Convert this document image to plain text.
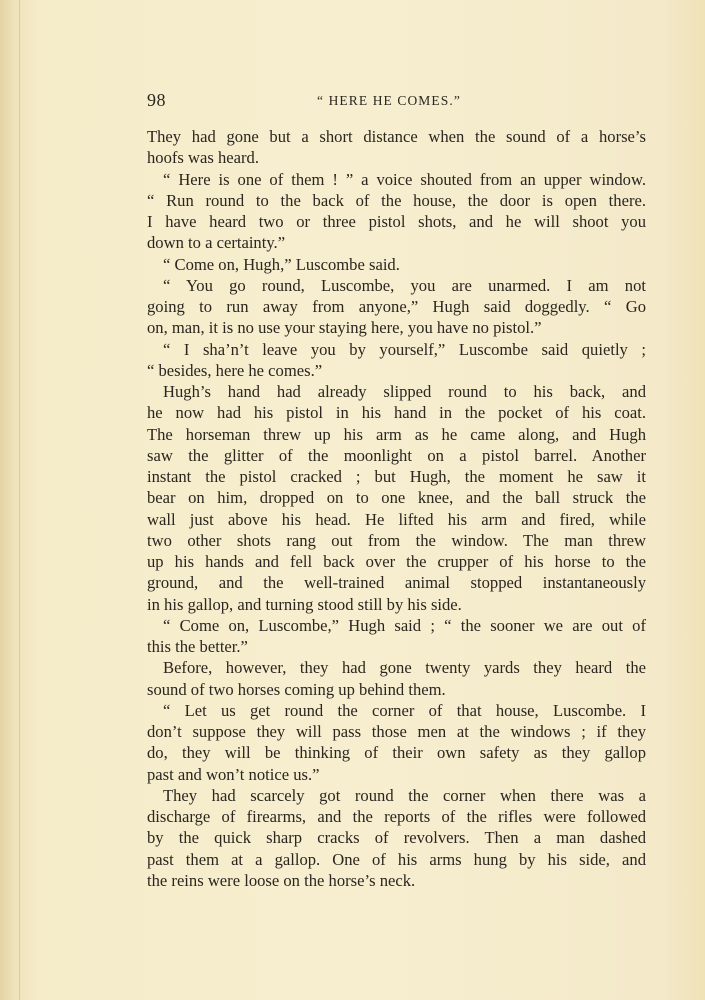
98	“ HERE HE COMES.”
They had gone but a short distance when the sound of a horse’s
hoofs was heard.
“ Here is one of them ! ” a voice shouted from an upper window.
“ Run round to the back of the house, the door is open there.
I have heard two or three pistol shots, and he will shoot you
down to a certainty.”
“ Come on, Hugh,” Luscombe said.
“ You go round, Luscombe, you are unarmed. I am not
going to run away from anyone,” Hugh said doggedly. “ Go
on, man, it is no use your staying here, you have no pistol.”
“ I sha’n’t leave you by yourself,” Luscombe said quietly ;
“ besides, here he comes.”
Hugh’s hand had already slipped round to his back, and
he now had his pistol in his hand in the pocket of his coat.
The horseman threw up his arm as he came along, and Hugh
saw the glitter of the moonlight on a pistol barrel. Another
instant the pistol cracked ; but Hugh, the moment he saw it
bear on him, dropped on to one knee, and the ball struck the
wall just above his head. He lifted his arm and fired, while
two other shots rang out from the window. The man threw
up his hands and fell back over the crupper of his horse to the
ground, and the well-trained animal stopped instantaneously
in his gallop, and turning stood still by his side.
“ Come on, Luscombe,” Hugh said ; “ the sooner we are out of
this the better.”
Before, however, they had gone twenty yards they heard the
sound of two horses coming up behind them.
“ Let us get round the corner of that house, Luscombe. I
don’t suppose they will pass those men at the windows ; if they
do, they will be thinking of their own safety as they gallop
past and won’t notice us.”
They had scarcely got round the corner when there was a
discharge of firearms, and the reports of the rifles were followed
by the quick sharp cracks of revolvers. Then a man dashed
past them at a gallop. One of his arms hung by his side, and
the reins were loose on the horse’s neck.
